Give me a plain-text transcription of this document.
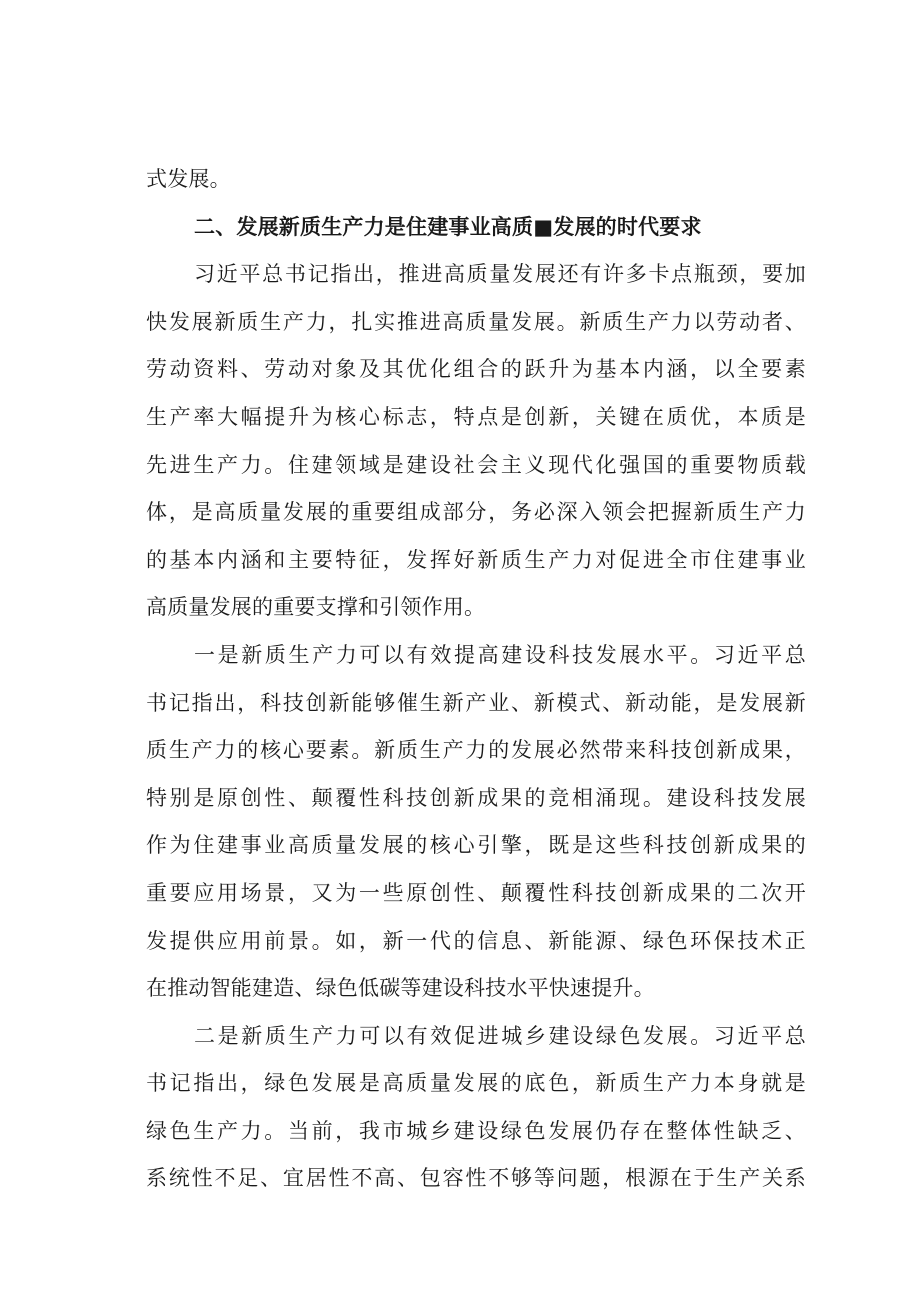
式发展。
二、发展新质生产力是住建事业高质■发展的时代要求
习近平总书记指出，推进高质量发展还有许多卡点瓶颈，要加
快发展新质生产力，扎实推进高质量发展。新质生产力以劳动者、
劳动资料、劳动对象及其优化组合的跃升为基本内涵，以全要素
生产率大幅提升为核心标志，特点是创新，关键在质优，本质是
先进生产力。住建领域是建设社会主义现代化强国的重要物质载
体，是高质量发展的重要组成部分，务必深入领会把握新质生产力
的基本内涵和主要特征，发挥好新质生产力对促进全市住建事业
高质量发展的重要支撑和引领作用。
一是新质生产力可以有效提高建设科技发展水平。习近平总
书记指出，科技创新能够催生新产业、新模式、新动能，是发展新
质生产力的核心要素。新质生产力的发展必然带来科技创新成果，
特别是原创性、颠覆性科技创新成果的竞相涌现。建设科技发展
作为住建事业高质量发展的核心引擎，既是这些科技创新成果的
重要应用场景，又为一些原创性、颠覆性科技创新成果的二次开
发提供应用前景。如，新一代的信息、新能源、绿色环保技术正
在推动智能建造、绿色低碳等建设科技水平快速提升。
二是新质生产力可以有效促进城乡建设绿色发展。习近平总
书记指出，绿色发展是高质量发展的底色，新质生产力本身就是
绿色生产力。当前，我市城乡建设绿色发展仍存在整体性缺乏、
系统性不足、宜居性不高、包容性不够等问题，根源在于生产关系
